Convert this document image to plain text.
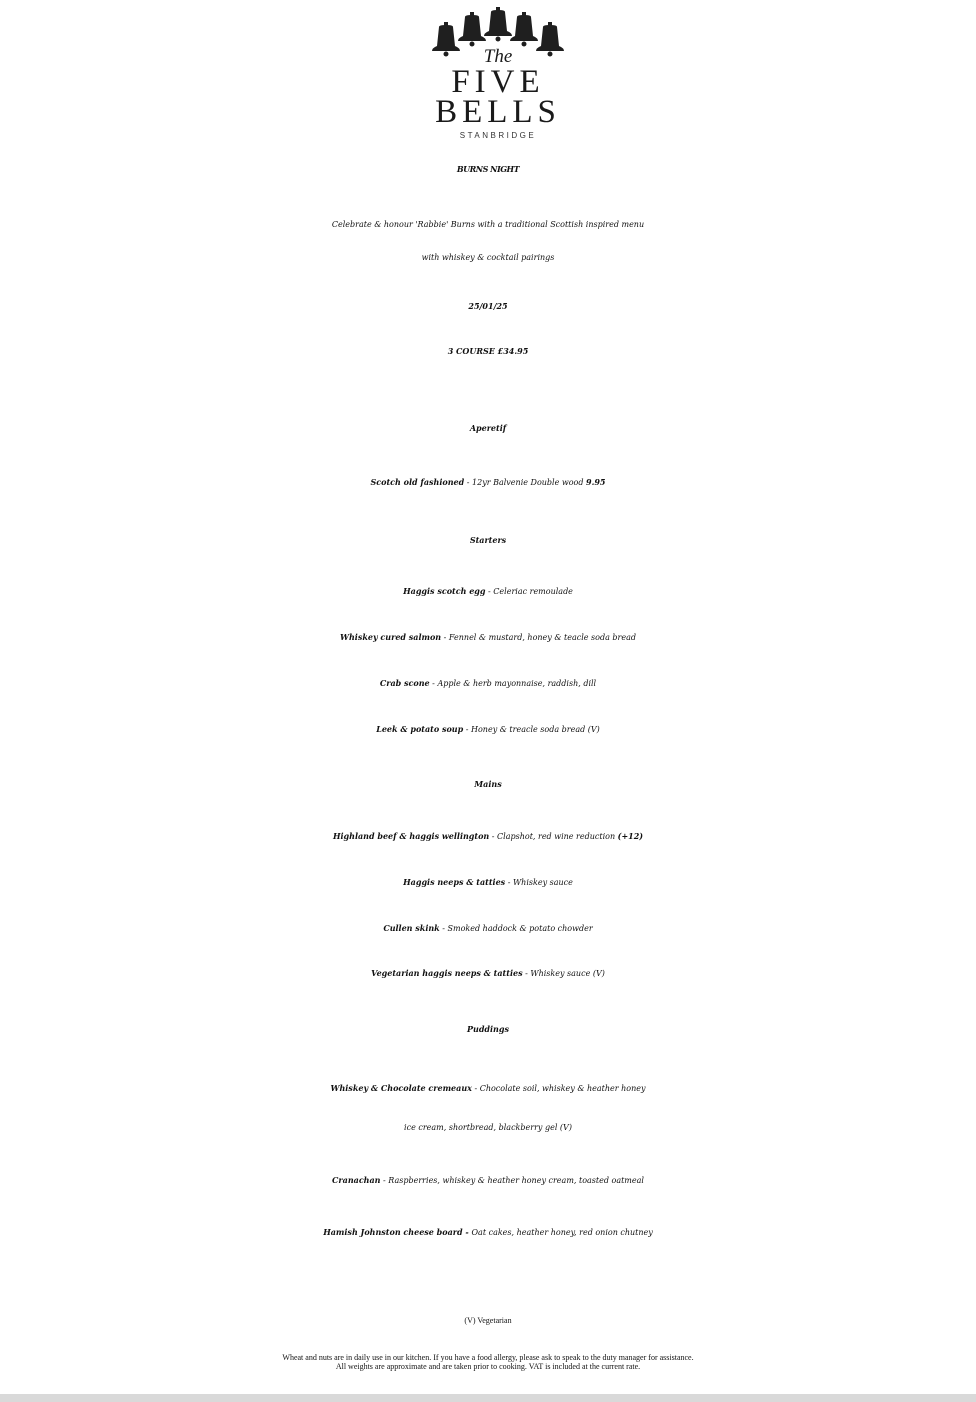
The
FIVE
BELLS
STANBRIDGE
BURNS NIGHT
Celebrate & honour 'Rabbie' Burns with a traditional Scottish inspired menu
with whiskey & cocktail pairings
25/01/25
3 COURSE £34.95
Aperetif
Scotch old fashioned - 12yr Balvenie Double wood 9.95
Starters
Haggis scotch egg - Celeriac remoulade
Whiskey cured salmon - Fennel & mustard, honey & teacle soda bread
Crab scone - Apple & herb mayonnaise, raddish, dill
Leek & potato soup - Honey & treacle soda bread (V)
Mains
Highland beef & haggis wellington - Clapshot, red wine reduction (+12)
Haggis neeps & tatties - Whiskey sauce
Cullen skink - Smoked haddock & potato chowder
Vegetarian haggis neeps & tatties - Whiskey sauce (V)
Puddings
Whiskey & Chocolate cremeaux - Chocolate soil, whiskey & heather honey
ice cream, shortbread, blackberry gel (V)
Cranachan - Raspberries, whiskey & heather honey cream, toasted oatmeal
Hamish Johnston cheese board - Oat cakes, heather honey, red onion chutney
(V) Vegetarian
Wheat and nuts are in daily use in our kitchen. If you have a food allergy, please ask to speak to the duty manager for assistance.
All weights are approximate and are taken prior to cooking. VAT is included at the current rate.
